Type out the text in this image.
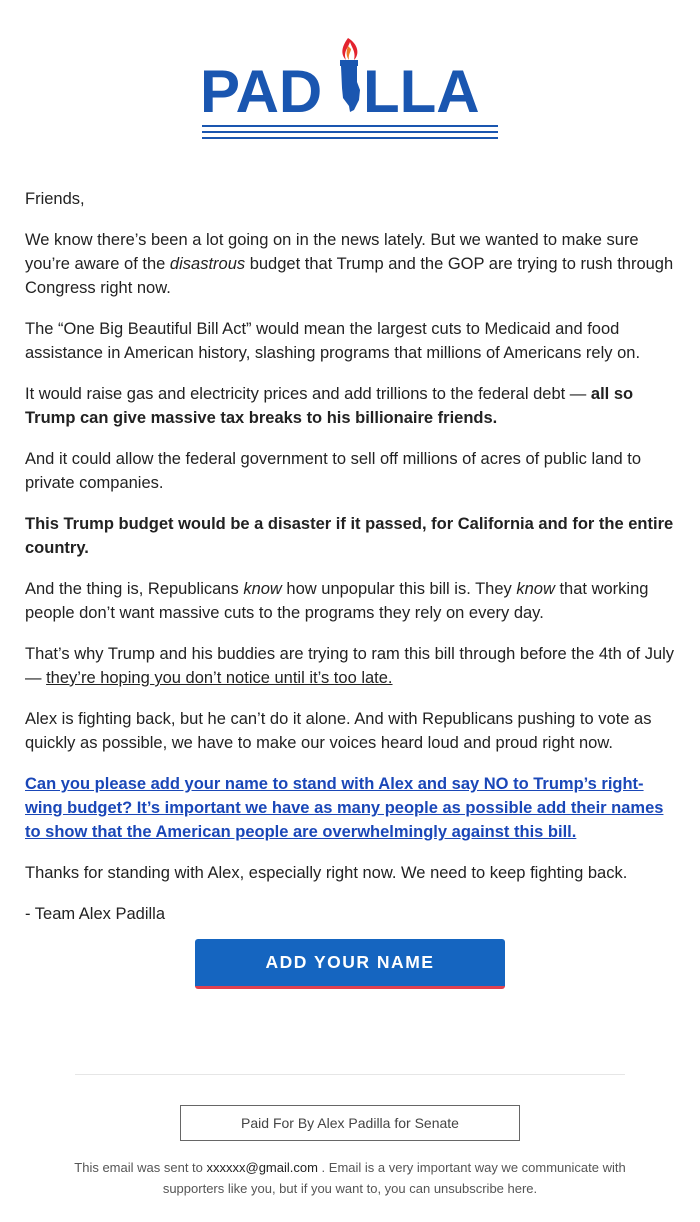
PAD LLA

Friends,

We know there’s been a lot going on in the news lately. But we wanted to make sure you’re aware of the disastrous budget that Trump and the GOP are trying to rush through Congress right now.

The “One Big Beautiful Bill Act” would mean the largest cuts to Medicaid and food assistance in American history, slashing programs that millions of Americans rely on.

It would raise gas and electricity prices and add trillions to the federal debt — all so Trump can give massive tax breaks to his billionaire friends.

And it could allow the federal government to sell off millions of acres of public land to private companies.

This Trump budget would be a disaster if it passed, for California and for the entire country.

And the thing is, Republicans know how unpopular this bill is. They know that working people don’t want massive cuts to the programs they rely on every day.

That’s why Trump and his buddies are trying to ram this bill through before the 4th of July — they’re hoping you don’t notice until it’s too late.

Alex is fighting back, but he can’t do it alone. And with Republicans pushing to vote as quickly as possible, we have to make our voices heard loud and proud right now.

Can you please add your name to stand with Alex and say NO to Trump’s right-wing budget? It’s important we have as many people as possible add their names to show that the American people are overwhelmingly against this bill.

Thanks for standing with Alex, especially right now. We need to keep fighting back.

- Team Alex Padilla

ADD YOUR NAME
Paid For By Alex Padilla for Senate
This email was sent to xxxxxx@gmail.com . Email is a very important way we communicate with supporters like you, but if you want to, you can unsubscribe here.
